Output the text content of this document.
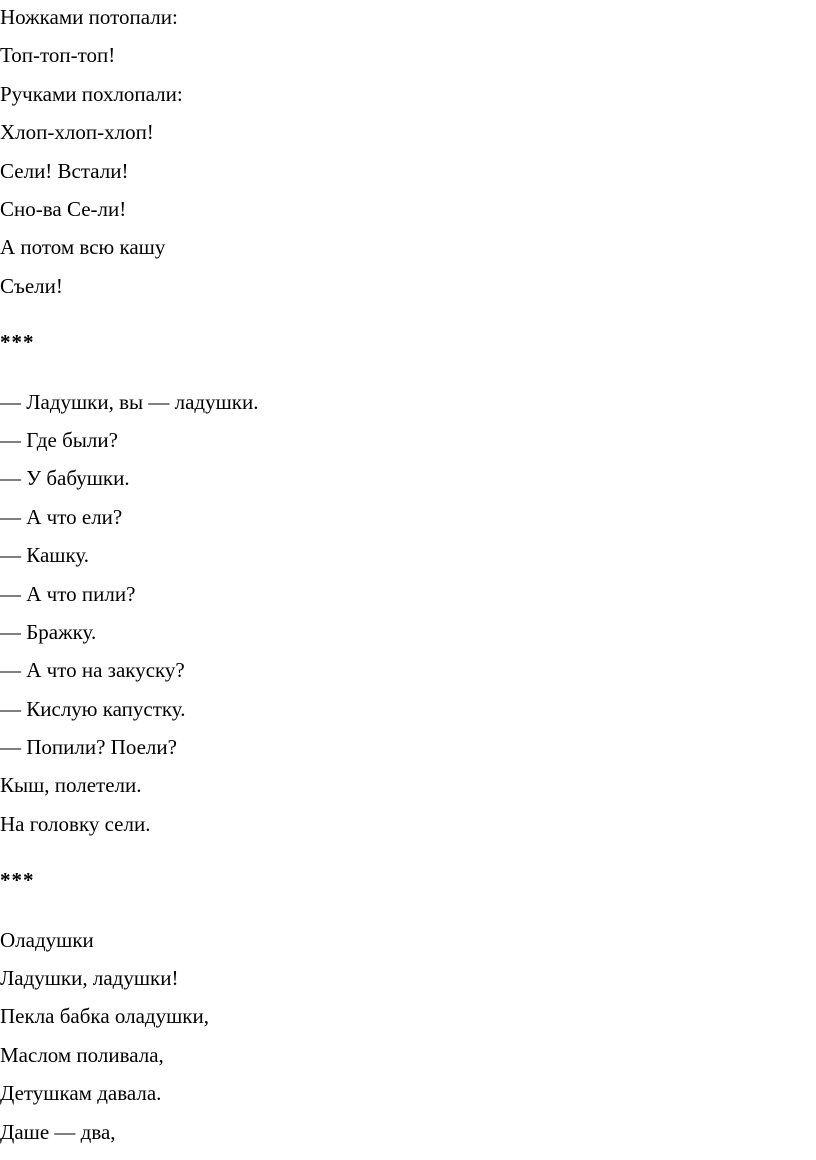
Ножками потопали:
Топ-топ-топ!
Ручками похлопали:
Хлоп-хлоп-хлоп!
Сели! Встали!
Сно-ва Се-ли!
А потом всю кашу
Съели!
***
— Ладушки, вы — ладушки.
— Где были?
— У бабушки.
— А что ели?
— Кашку.
— А что пили?
— Бражку.
— А что на закуску?
— Кислую капустку.
— Попили? Поели?
Кыш, полетели.
На головку сели.
***
Оладушки
Ладушки, ладушки!
Пекла бабка оладушки,
Маслом поливала,
Детушкам давала.
Даше — два,
